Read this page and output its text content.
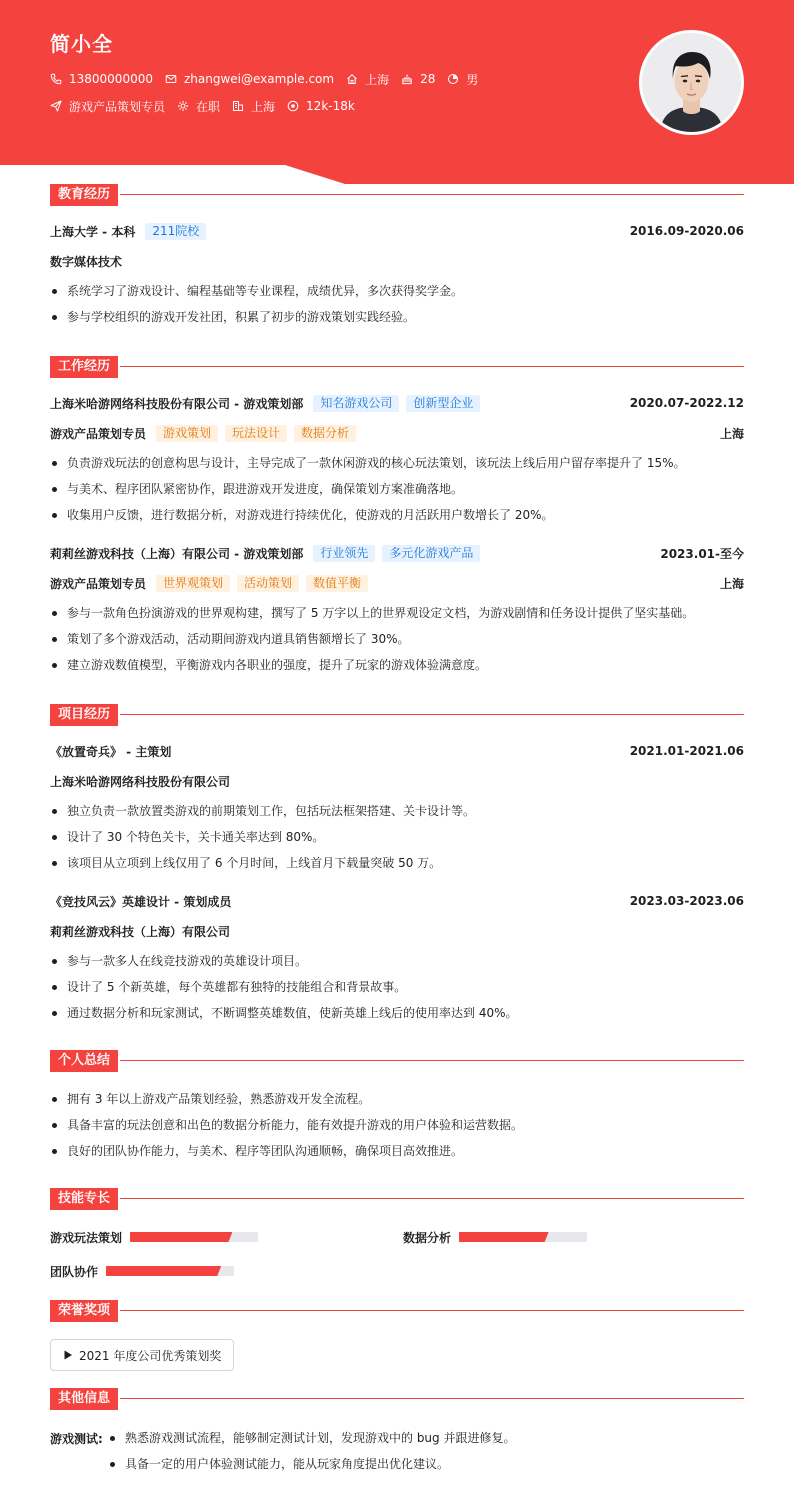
简小全
13800000000	zhangwei@example.com	上海	28	男
游戏产品策划专员	在职	上海	12k-18k
教育经历
上海大学 - 本科	211院校	2016.09-2020.06
数字媒体技术
系统学习了游戏设计、编程基础等专业课程，成绩优异，多次获得奖学金。
参与学校组织的游戏开发社团，积累了初步的游戏策划实践经验。
工作经历
上海米哈游网络科技股份有限公司 - 游戏策划部	知名游戏公司	创新型企业	2020.07-2022.12
游戏产品策划专员	游戏策划	玩法设计	数据分析	上海
负责游戏玩法的创意构思与设计，主导完成了一款休闲游戏的核心玩法策划，该玩法上线后用户留存率提升了 15%。
与美术、程序团队紧密协作，跟进游戏开发进度，确保策划方案准确落地。
收集用户反馈，进行数据分析，对游戏进行持续优化，使游戏的月活跃用户数增长了 20%。
莉莉丝游戏科技（上海）有限公司 - 游戏策划部	行业领先	多元化游戏产品	2023.01-至今
游戏产品策划专员	世界观策划	活动策划	数值平衡	上海
参与一款角色扮演游戏的世界观构建，撰写了 5 万字以上的世界观设定文档，为游戏剧情和任务设计提供了坚实基础。
策划了多个游戏活动，活动期间游戏内道具销售额增长了 30%。
建立游戏数值模型，平衡游戏内各职业的强度，提升了玩家的游戏体验满意度。
项目经历
《放置奇兵》 - 主策划	2021.01-2021.06
上海米哈游网络科技股份有限公司
独立负责一款放置类游戏的前期策划工作，包括玩法框架搭建、关卡设计等。
设计了 30 个特色关卡，关卡通关率达到 80%。
该项目从立项到上线仅用了 6 个月时间，上线首月下载量突破 50 万。
《竞技风云》英雄设计 - 策划成员	2023.03-2023.06
莉莉丝游戏科技（上海）有限公司
参与一款多人在线竞技游戏的英雄设计项目。
设计了 5 个新英雄，每个英雄都有独特的技能组合和背景故事。
通过数据分析和玩家测试，不断调整英雄数值，使新英雄上线后的使用率达到 40%。
个人总结
拥有 3 年以上游戏产品策划经验，熟悉游戏开发全流程。
具备丰富的玩法创意和出色的数据分析能力，能有效提升游戏的用户体验和运营数据。
良好的团队协作能力，与美术、程序等团队沟通顺畅，确保项目高效推进。
技能专长
游戏玩法策划	数据分析
团队协作
荣誉奖项
2021 年度公司优秀策划奖
其他信息
游戏测试:	熟悉游戏测试流程，能够制定测试计划，发现游戏中的 bug 并跟进修复。
具备一定的用户体验测试能力，能从玩家角度提出优化建议。
